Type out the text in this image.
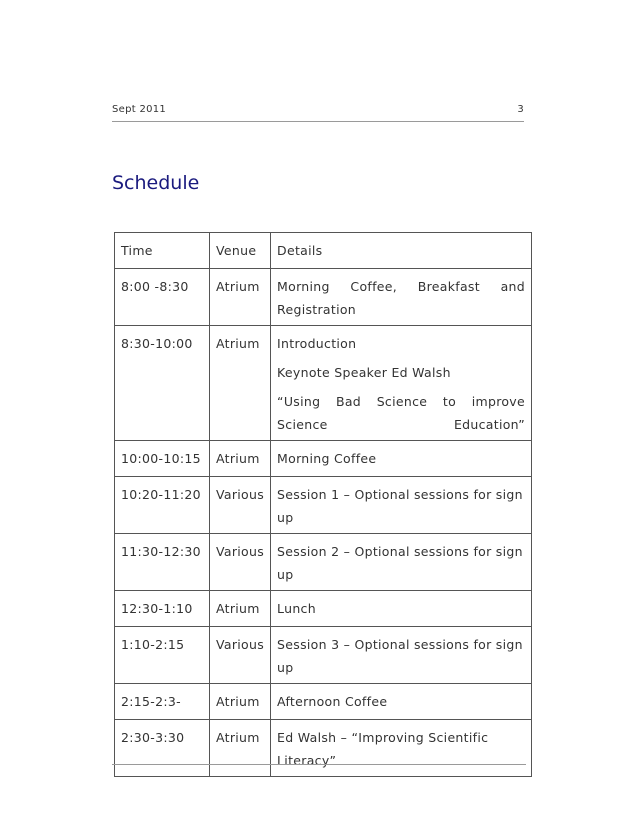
Sept 2011	3
Schedule
Time	Venue	Details
8:00 -8:30	Atrium	Morning Coffee, Breakfast and Registration

8:30-10:00	Atrium	Introduction
Keynote Speaker Ed Walsh
“Using Bad Science to improve Science Education”

10:00-10:15	Atrium	Morning Coffee
10:20-11:20	Various	Session 1 – Optional sessions for sign up
11:30-12:30	Various	Session 2 – Optional sessions for sign up
12:30-1:10	Atrium	Lunch
1:10-2:15	Various	Session 3 – Optional sessions for sign up
2:15-2:3-	Atrium	Afternoon Coffee
2:30-3:30	Atrium	Ed Walsh – “Improving Scientific Literacy”
